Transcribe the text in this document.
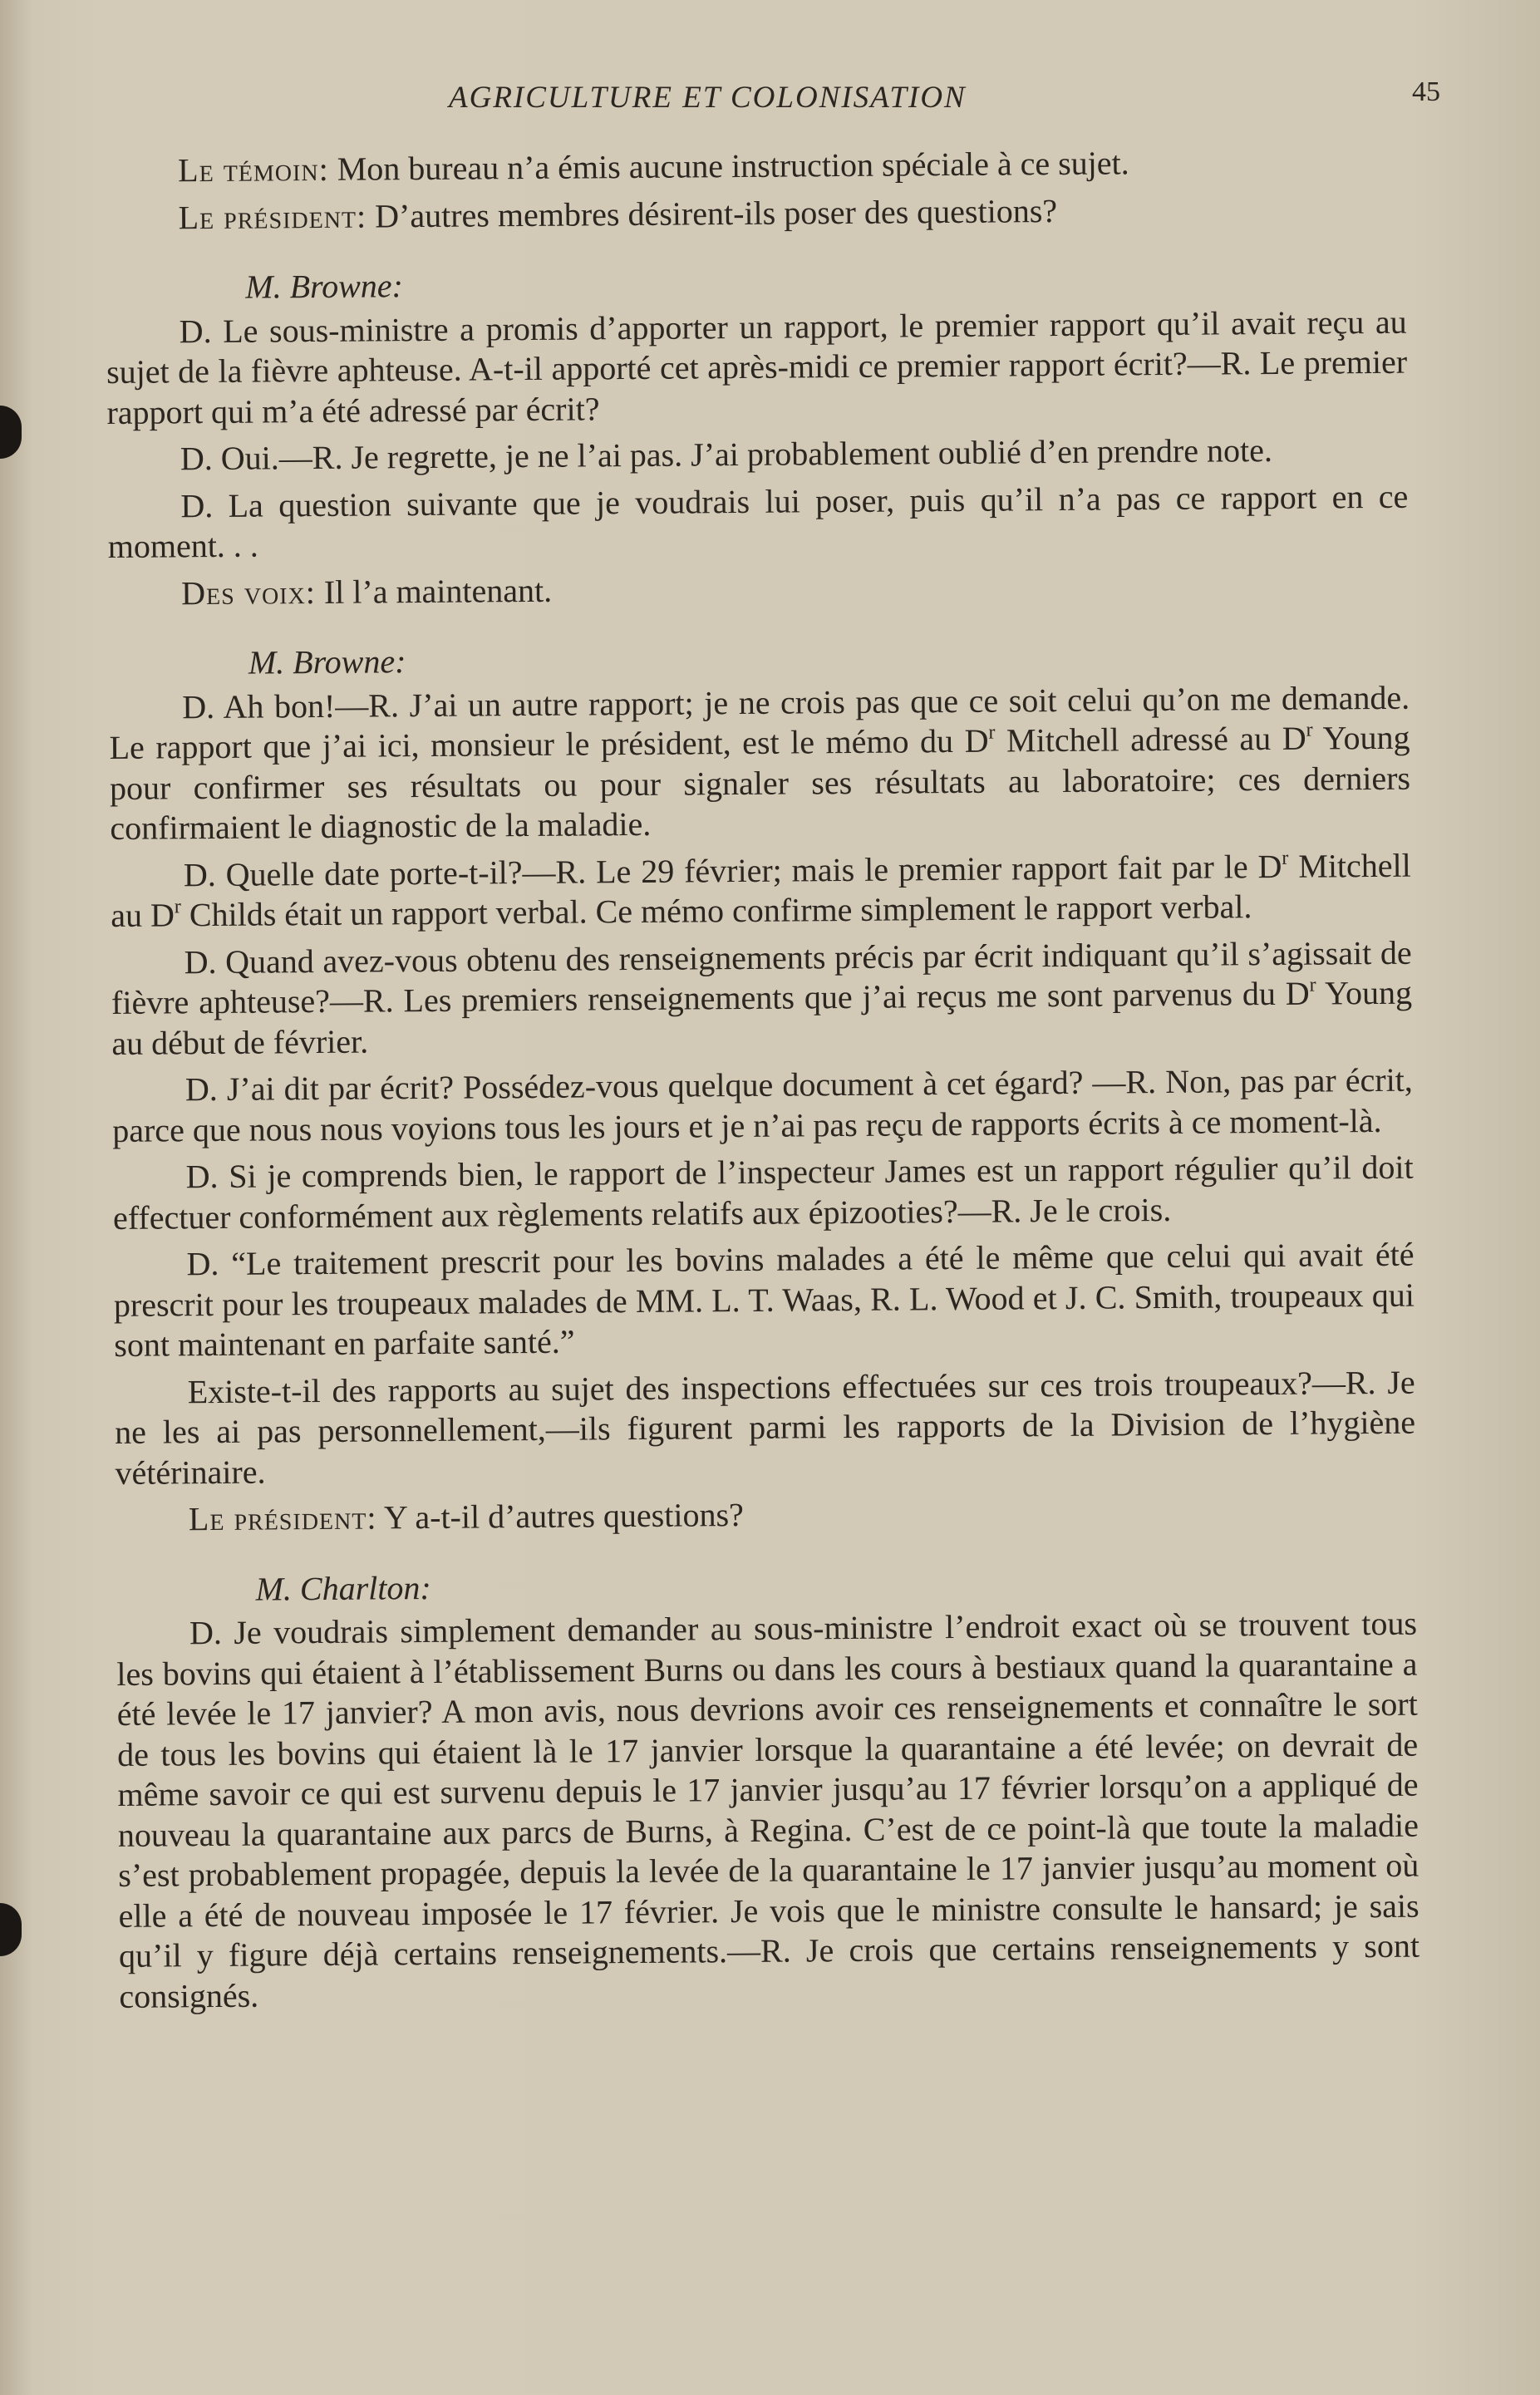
AGRICULTURE ET COLONISATION	45

Le témoin: Mon bureau n’a émis aucune instruction spéciale à ce sujet.

Le président: D’autres membres désirent-ils poser des questions?

M. Browne:

D. Le sous-ministre a promis d’apporter un rapport, le premier rapport qu’il avait reçu au sujet de la fièvre aphteuse. A-t-il apporté cet après-midi ce premier rapport écrit?—R. Le premier rapport qui m’a été adressé par écrit?

D. Oui.—R. Je regrette, je ne l’ai pas. J’ai probablement oublié d’en prendre note.

D. La question suivante que je voudrais lui poser, puis qu’il n’a pas ce rapport en ce moment. . .

Des voix: Il l’a maintenant.

M. Browne:

D. Ah bon!—R. J’ai un autre rapport; je ne crois pas que ce soit celui qu’on me demande. Le rapport que j’ai ici, monsieur le président, est le mémo du $D^r$ Mitchell adressé au $D^r$ Young pour confirmer ses résultats ou pour signaler ses résultats au laboratoire; ces derniers confirmaient le diagnostic de la maladie.

D. Quelle date porte-t-il?—R. Le 29 février; mais le premier rapport fait par le $D^r$ Mitchell au $D^r$ Childs était un rapport verbal. Ce mémo confirme simplement le rapport verbal.

D. Quand avez-vous obtenu des renseignements précis par écrit indiquant qu’il s’agissait de fièvre aphteuse?—R. Les premiers renseignements que j’ai reçus me sont parvenus du $D^r$ Young au début de février.

D. J’ai dit par écrit? Possédez-vous quelque document à cet égard? —R. Non, pas par écrit, parce que nous nous voyions tous les jours et je n’ai pas reçu de rapports écrits à ce moment-là.

D. Si je comprends bien, le rapport de l’inspecteur James est un rapport régulier qu’il doit effectuer conformément aux règlements relatifs aux épizooties?—R. Je le crois.

D. “Le traitement prescrit pour les bovins malades a été le même que celui qui avait été prescrit pour les troupeaux malades de MM. L. T. Waas, R. L. Wood et J. C. Smith, troupeaux qui sont maintenant en parfaite santé.”

Existe-t-il des rapports au sujet des inspections effectuées sur ces trois troupeaux?—R. Je ne les ai pas personnellement,—ils figurent parmi les rapports de la Division de l’hygiène vétérinaire.

Le président: Y a-t-il d’autres questions?

M. Charlton:

D. Je voudrais simplement demander au sous-ministre l’endroit exact où se trouvent tous les bovins qui étaient à l’établissement Burns ou dans les cours à bestiaux quand la quarantaine a été levée le 17 janvier? A mon avis, nous devrions avoir ces renseignements et connaître le sort de tous les bovins qui étaient là le 17 janvier lorsque la quarantaine a été levée; on devrait de même savoir ce qui est survenu depuis le 17 janvier jusqu’au 17 février lorsqu’on a appliqué de nouveau la quarantaine aux parcs de Burns, à Regina. C’est de ce point-là que toute la maladie s’est probablement propagée, depuis la levée de la quarantaine le 17 janvier jusqu’au moment où elle a été de nouveau imposée le 17 février. Je vois que le ministre consulte le hansard; je sais qu’il y figure déjà certains renseignements.—R. Je crois que certains renseignements y sont consignés.
